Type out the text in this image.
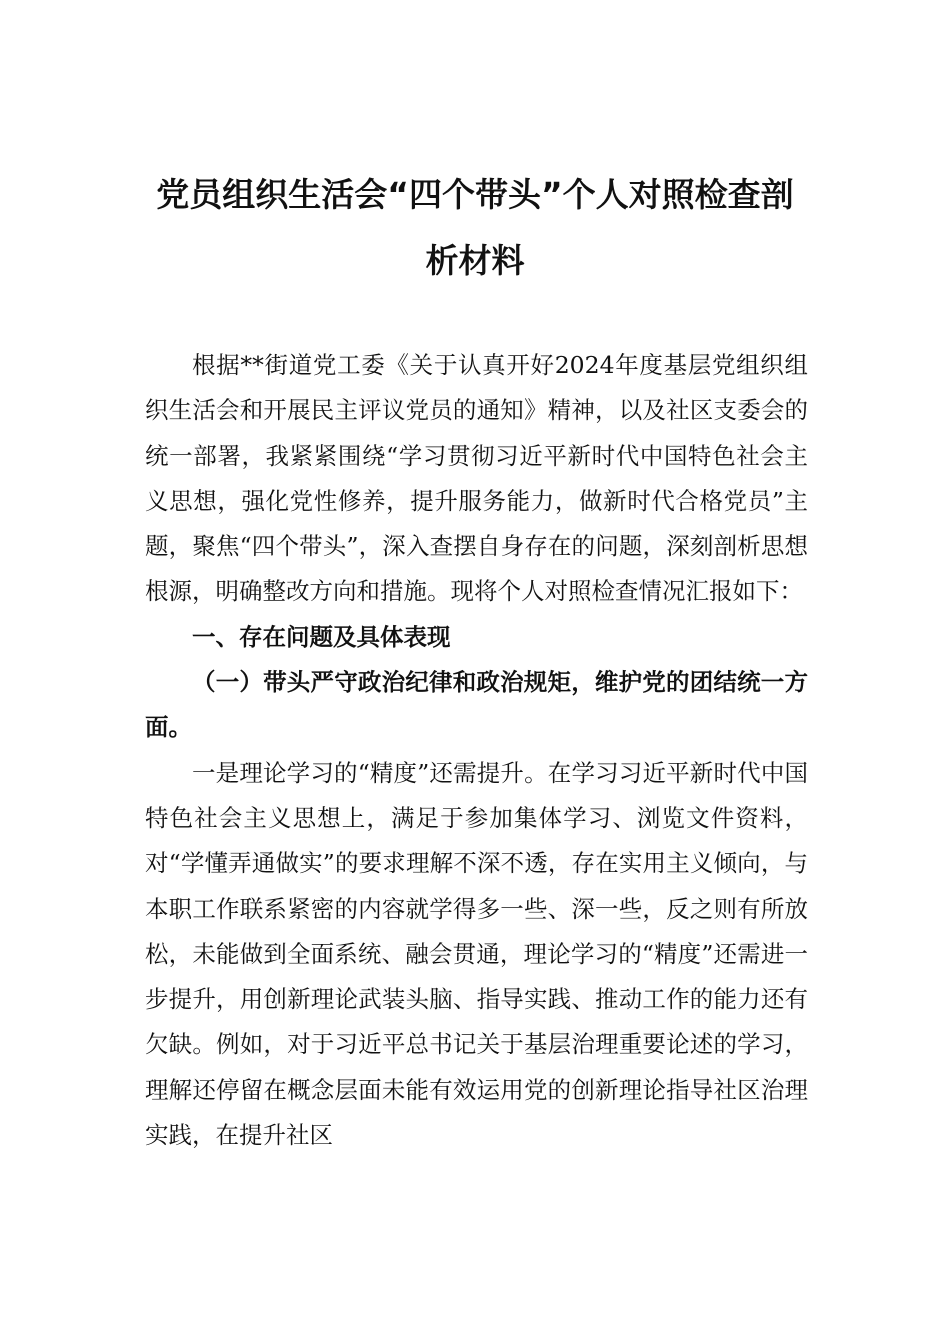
党员组织生活会“四个带头”个人对照检查剖析材料

根据**街道党工委《关于认真开好2024年度基层党组织组织生活会和开展民主评议党员的通知》精神，以及社区支委会的统一部署，我紧紧围绕“学习贯彻习近平新时代中国特色社会主义思想，强化党性修养，提升服务能力，做新时代合格党员”主题，聚焦“四个带头”，深入查摆自身存在的问题，深刻剖析思想根源，明确整改方向和措施。现将个人对照检查情况汇报如下：

一、存在问题及具体表现

（一）带头严守政治纪律和政治规矩，维护党的团结统一方面。

一是理论学习的“精度”还需提升。在学习习近平新时代中国特色社会主义思想上，满足于参加集体学习、浏览文件资料，对“学懂弄通做实”的要求理解不深不透，存在实用主义倾向，与本职工作联系紧密的内容就学得多一些、深一些，反之则有所放松，未能做到全面系统、融会贯通，理论学习的“精度”还需进一步提升，用创新理论武装头脑、指导实践、推动工作的能力还有欠缺。例如，对于习近平总书记关于基层治理重要论述的学习，理解还停留在概念层面未能有效运用党的创新理论指导社区治理实践，在提升社区
